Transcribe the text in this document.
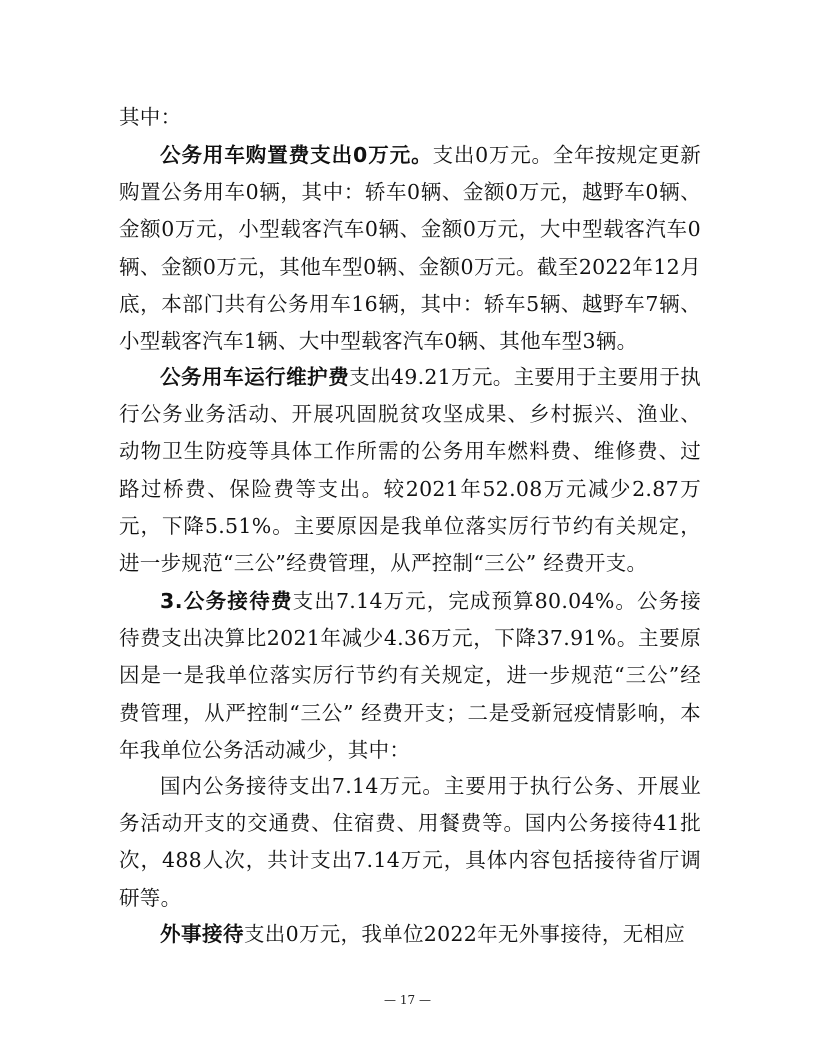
其中：

公务用车购置费支出0万元。支出0万元。全年按规定更新购置公务用车0辆，其中：轿车0辆、金额0万元，越野车0辆、金额0万元，小型载客汽车0辆、金额0万元，大中型载客汽车0辆、金额0万元，其他车型0辆、金额0万元。截至2022年12月底，本部门共有公务用车16辆，其中：轿车5辆、越野车7辆、小型载客汽车1辆、大中型载客汽车0辆、其他车型3辆。

公务用车运行维护费支出49.21万元。主要用于主要用于执行公务业务活动、开展巩固脱贫攻坚成果、乡村振兴、渔业、动物卫生防疫等具体工作所需的公务用车燃料费、维修费、过路过桥费、保险费等支出。较2021年52.08万元减少2.87万元，下降5.51%。主要原因是我单位落实厉行节约有关规定，进一步规范“三公”经费管理，从严控制“三公” 经费开支。

3.公务接待费支出7.14万元，完成预算80.04%。公务接待费支出决算比2021年减少4.36万元，下降37.91%。主要原因是一是我单位落实厉行节约有关规定，进一步规范“三公”经费管理，从严控制“三公” 经费开支；二是受新冠疫情影响，本年我单位公务活动减少，其中：

国内公务接待支出7.14万元。主要用于执行公务、开展业务活动开支的交通费、住宿费、用餐费等。国内公务接待41批次，488人次，共计支出7.14万元，具体内容包括接待省厅调研等。

外事接待支出0万元，我单位2022年无外事接待，无相应

— 17 —
